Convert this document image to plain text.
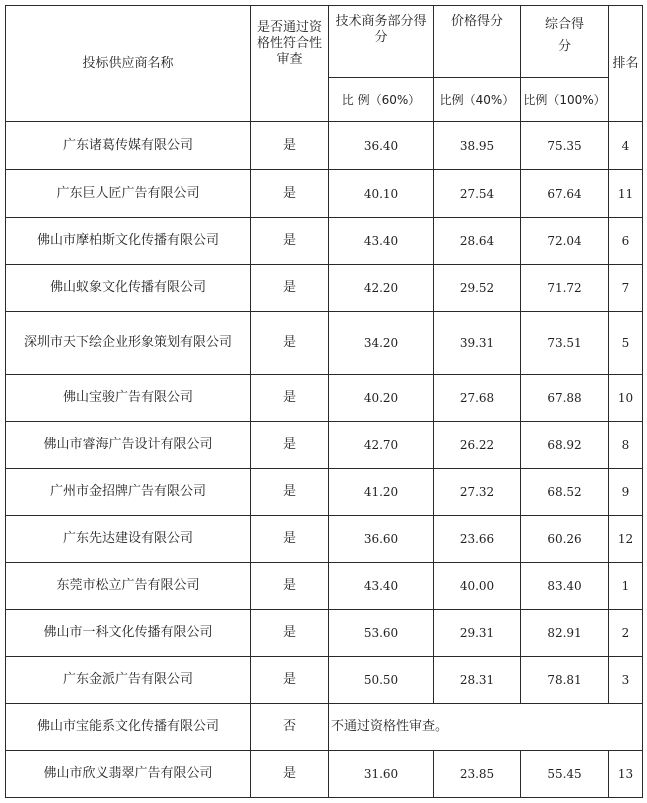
投标供应商名称	是否通过资格性符合性审查	技术商务部分得分	价格得分	综合得分	排名

		比 例（60%）	比例（40%）	比例（100%）	
广东诸葛传媒有限公司	是	36.40	38.95	75.35	4
广东巨人匠广告有限公司	是	40.10	27.54	67.64	11
佛山市摩柏斯文化传播有限公司	是	43.40	28.64	72.04	6
佛山蚁象文化传播有限公司	是	42.20	29.52	71.72	7
深圳市天下绘企业形象策划有限公司	是	34.20	39.31	73.51	5
佛山宝骏广告有限公司	是	40.20	27.68	67.88	10
佛山市睿海广告设计有限公司	是	42.70	26.22	68.92	8
广州市金招牌广告有限公司	是	41.20	27.32	68.52	9
广东先达建设有限公司	是	36.60	23.66	60.26	12
东莞市松立广告有限公司	是	43.40	40.00	83.40	1
佛山市一科文化传播有限公司	是	53.60	29.31	82.91	2
广东金派广告有限公司	是	50.50	28.31	78.81	3
佛山市宝能系文化传播有限公司	否	不通过资格性审查。			
佛山市欣义翡翠广告有限公司	是	31.60	23.85	55.45	13
